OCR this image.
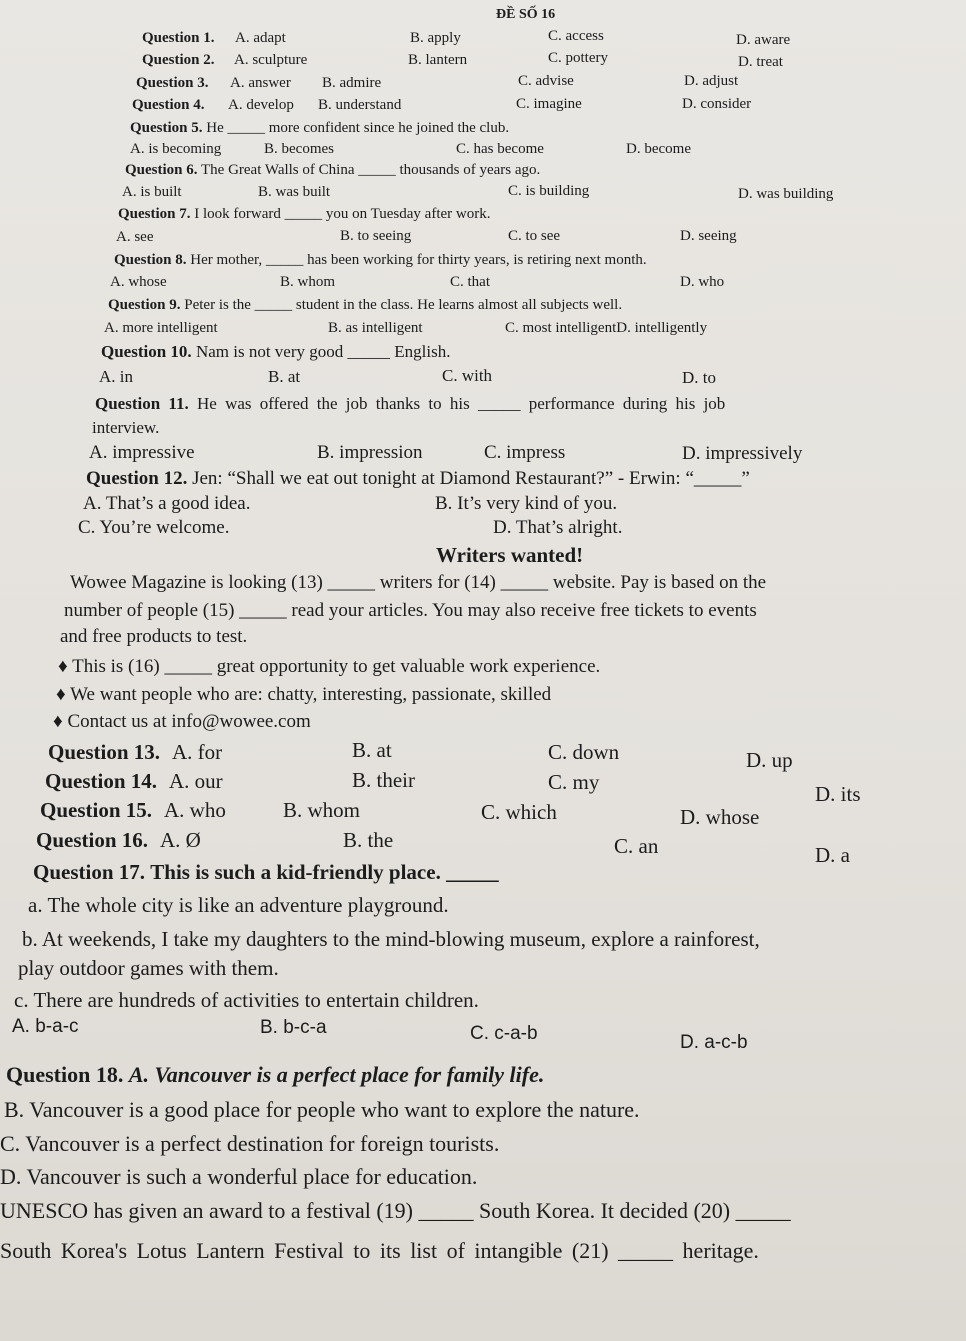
ĐỀ SỐ 16
Question 1. A. adapt	B. apply	C. access	D. aware
Question 2. A. sculpture	B. lantern	C. pottery	D. treat
Question 3. A. answer B. admire	C. advise	D. adjust
Question 4. A. develop B. understand	C. imagine	D. consider
Question 5. He _____ more confident since he joined the club.
A. is becoming	B. becomes	C. has become	D. become
Question 6. The Great Walls of China _____ thousands of years ago.
A. is built	B. was built	C. is building	D. was building
Question 7. I look forward _____ you on Tuesday after work.
A. see	B. to seeing	C. to see	D. seeing
Question 8. Her mother, _____ has been working for thirty years, is retiring next month.
A. whose	B. whom	C. that	D. who
Question 9. Peter is the _____ student in the class. He learns almost all subjects well.
A. more intelligent	B. as intelligent	C. most intelligentD. intelligently
Question 10. Nam is not very good _____ English.
A. in	B. at	C. with	D. to
Question 11. He was offered the job thanks to his _____ performance during his job
interview.
A. impressive	B. impression	C. impress	D. impressively
Question 12. Jen: “Shall we eat out tonight at Diamond Restaurant?” - Erwin: “_____”
A. That’s a good idea.	B. It’s very kind of you.
C. You’re welcome.	D. That’s alright.
Writers wanted!
Wowee Magazine is looking (13) _____ writers for (14) _____ website. Pay is based on the
number of people (15) _____ read your articles. You may also receive free tickets to events
and free products to test.
♦ This is (16) _____ great opportunity to get valuable work experience.
♦ We want people who are: chatty, interesting, passionate, skilled
♦ Contact us at info@wowee.com
Question 13. A. for	B. at	C. down	D. up
Question 14. A. our	B. their	C. my	D. its
Question 15. A. who	B. whom	C. which	D. whose
Question 16. A. Ø	B. the	C. an	D. a
Question 17. This is such a kid-friendly place. _____
a. The whole city is like an adventure playground.
b. At weekends, I take my daughters to the mind-blowing museum, explore a rainforest,
play outdoor games with them.
c. There are hundreds of activities to entertain children.
A. b-a-c	B. b-c-a	C. c-a-b	D. a-c-b
Question 18. A. Vancouver is a perfect place for family life.
B. Vancouver is a good place for people who want to explore the nature.
C. Vancouver is a perfect destination for foreign tourists.
D. Vancouver is such a wonderful place for education.
UNESCO has given an award to a festival (19) _____ South Korea. It decided (20) _____
South Korea's Lotus Lantern Festival to its list of intangible (21) _____ heritage.
